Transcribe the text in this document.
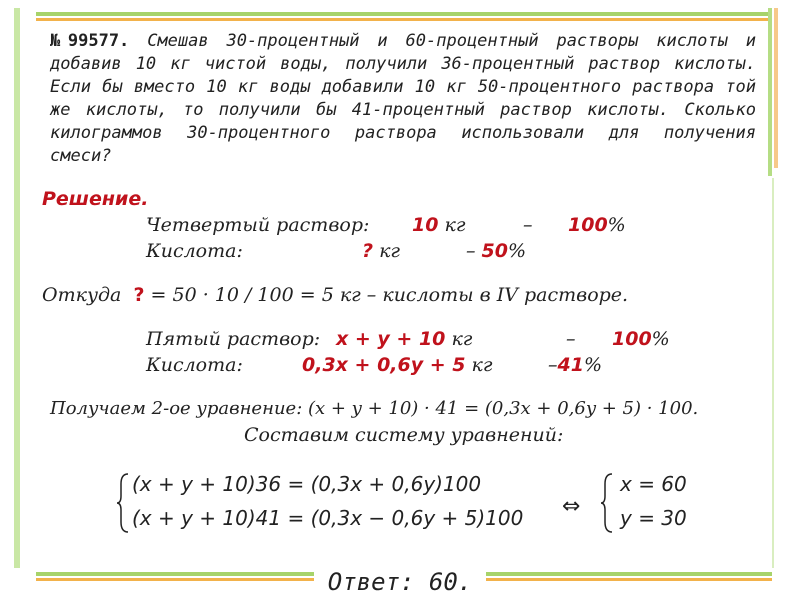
№99577. Смешав 30-процентный и 60-процентный растворы кислоты и добавив 10 кг чистой воды, получили 36-процентный раствор кислоты. Если бы вместо 10 кг воды добавили 10 кг 50-процентного раствора той же кислоты, то получили бы 41-процентный раствор кислоты. Сколько килограммов 30-процентного раствора использовали для получения смеси?
Решение.
Четвертый раствор: 10 кг	– 100%
Кислота:	? кг	– 50%
Откуда ? = 50 · 10 / 100 = 5 кг – кислоты в IV растворе.
Пятый раствор: x + y + 10 кг	– 100%
Кислота:	0,3x + 0,6y + 5 кг	–41%
Получаем 2-ое уравнение: (x + y + 10) · 41 = (0,3x + 0,6y + 5) · 100.
Составим систему уравнений:
(x + y + 10)36 = (0,3x + 0,6y)100
(x + y + 10)41 = (0,3x − 0,6y + 5)100 ⇔
x = 60
y = 30
Ответ: 60.
